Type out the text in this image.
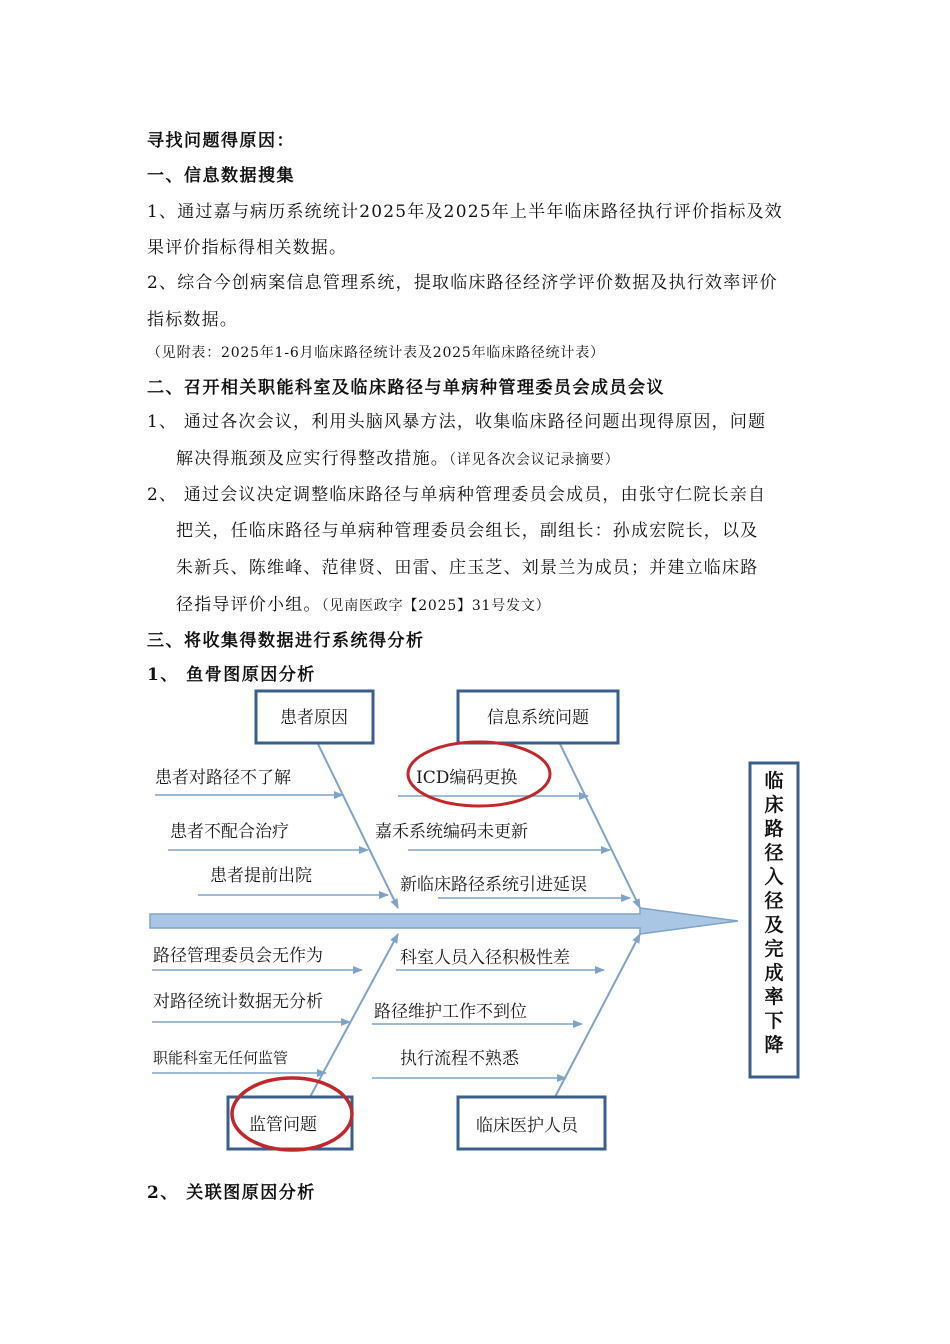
寻找问题得原因：
一、信息数据搜集
1、通过嘉与病历系统统计2025年及2025年上半年临床路径执行评价指标及效
果评价指标得相关数据。
2、综合今创病案信息管理系统，提取临床路径经济学评价数据及执行效率评价
指标数据。
（见附表：2025年1-6月临床路径统计表及2025年临床路径统计表）
二、召开相关职能科室及临床路径与单病种管理委员会成员会议
1、 通过各次会议，利用头脑风暴方法，收集临床路径问题出现得原因，问题
解决得瓶颈及应实行得整改措施。（详见各次会议记录摘要）
2、 通过会议决定调整临床路径与单病种管理委员会成员，由张守仁院长亲自
把关，任临床路径与单病种管理委员会组长，副组长：孙成宏院长，以及
朱新兵、陈维峰、范律贤、田雷、庄玉芝、刘景兰为成员；并建立临床路
径指导评价小组。（见南医政字【2025】31号发文）
三、将收集得数据进行系统得分析
1、 鱼骨图原因分析
2、 关联图原因分析
患者原因	信息系统问题
监管问题	临床医护人员
临
床
路
径
入
径
及
完
成
率
下
降
患者对路径不了解
患者不配合治疗
患者提前出院
ICD编码更换
嘉禾系统编码未更新
新临床路径系统引进延误
路径管理委员会无作为
对路径统计数据无分析
职能科室无任何监管
科室人员入径积极性差
路径维护工作不到位
执行流程不熟悉
